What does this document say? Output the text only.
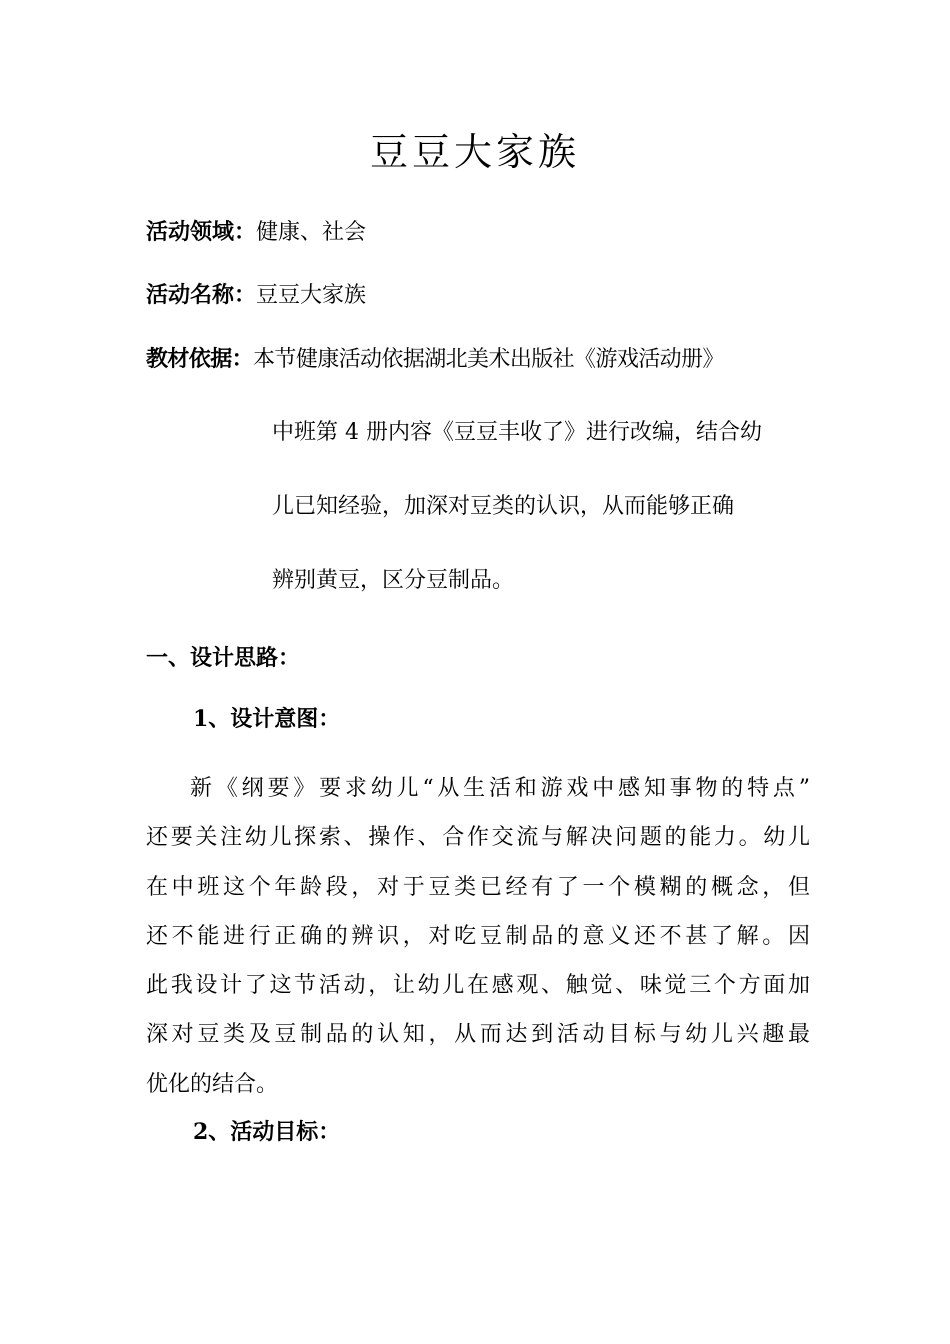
豆豆大家族
活动领域：健康、社会
活动名称：豆豆大家族
教材依据：本节健康活动依据湖北美术出版社《游戏活动册》
中班第 4 册内容《豆豆丰收了》进行改编，结合幼
儿已知经验，加深对豆类的认识，从而能够正确
辨别黄豆，区分豆制品。
一、设计思路：
1、设计意图：
新《纲要》要求幼儿“从生活和游戏中感知事物的特点”
还要关注幼儿探索、操作、合作交流与解决问题的能力。幼儿
在中班这个年龄段，对于豆类已经有了一个模糊的概念，但
还不能进行正确的辨识，对吃豆制品的意义还不甚了解。因
此我设计了这节活动，让幼儿在感观、触觉、味觉三个方面加
深对豆类及豆制品的认知，从而达到活动目标与幼儿兴趣最
优化的结合。
2、活动目标：
